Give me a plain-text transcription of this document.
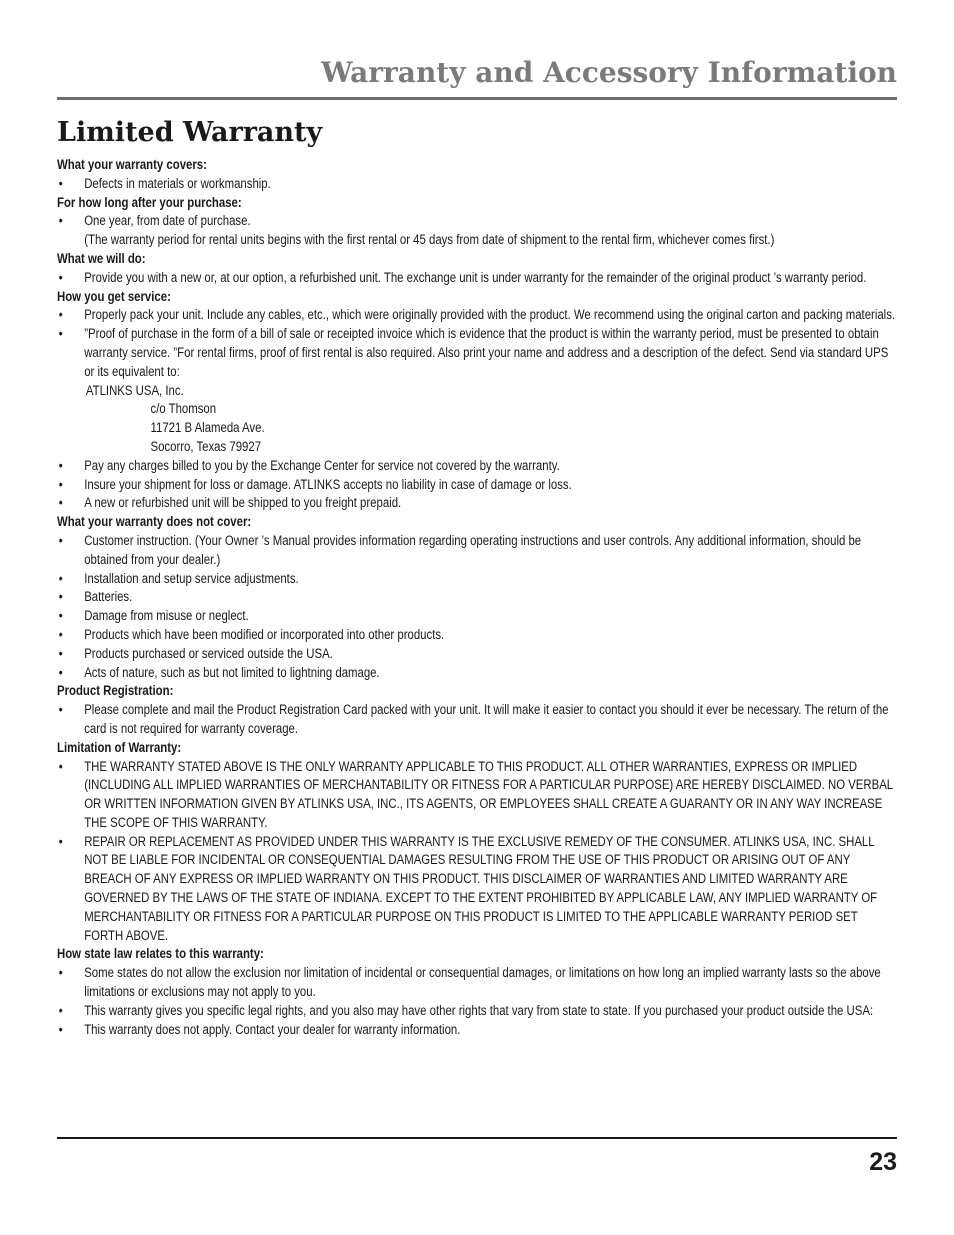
Warranty and Accessory Information
Limited Warranty
What your warranty covers:
• Defects in materials or workmanship.
For how long after your purchase:
• One year, from date of purchase.
(The warranty period for rental units begins with the first rental or 45 days from date of shipment to the rental firm, whichever comes first.)
What we will do:
• Provide you with a new or, at our option, a refurbished unit. The exchange unit is under warranty for the remainder of the original product ’s warranty period.
How you get service:
• Properly pack your unit. Include any cables, etc., which were originally provided with the product. We recommend using the original carton and packing materials.
• ”Proof of purchase in the form of a bill of sale or receipted invoice which is evidence that the product is within the warranty period, must be presented to obtain warranty service. ”For rental firms, proof of first rental is also required. Also print your name and address and a description of the defect. Send via standard UPS or its equivalent to:
ATLINKS USA, Inc.
c/o Thomson
11721 B Alameda Ave.
Socorro, Texas 79927
• Pay any charges billed to you by the Exchange Center for service not covered by the warranty.
• Insure your shipment for loss or damage. ATLINKS accepts no liability in case of damage or loss.
• A new or refurbished unit will be shipped to you freight prepaid.
What your warranty does not cover:
• Customer instruction. (Your Owner ’s Manual provides information regarding operating instructions and user controls. Any additional information, should be obtained from your dealer.)
• Installation and setup service adjustments.
• Batteries.
• Damage from misuse or neglect.
• Products which have been modified or incorporated into other products.
• Products purchased or serviced outside the USA.
• Acts of nature, such as but not limited to lightning damage.
Product Registration:
• Please complete and mail the Product Registration Card packed with your unit. It will make it easier to contact you should it ever be necessary. The return of the card is not required for warranty coverage.
Limitation of Warranty:
• THE WARRANTY STATED ABOVE IS THE ONLY WARRANTY APPLICABLE TO THIS PRODUCT. ALL OTHER WARRANTIES, EXPRESS OR IMPLIED (INCLUDING ALL IMPLIED WARRANTIES OF MERCHANTABILITY OR FITNESS FOR A PARTICULAR PURPOSE) ARE HEREBY DISCLAIMED. NO VERBAL OR WRITTEN INFORMATION GIVEN BY ATLINKS USA, INC., ITS AGENTS, OR EMPLOYEES SHALL CREATE A GUARANTY OR IN ANY WAY INCREASE THE SCOPE OF THIS WARRANTY.
• REPAIR OR REPLACEMENT AS PROVIDED UNDER THIS WARRANTY IS THE EXCLUSIVE REMEDY OF THE CONSUMER. ATLINKS USA, INC. SHALL NOT BE LIABLE FOR INCIDENTAL OR CONSEQUENTIAL DAMAGES RESULTING FROM THE USE OF THIS PRODUCT OR ARISING OUT OF ANY BREACH OF ANY EXPRESS OR IMPLIED WARRANTY ON THIS PRODUCT. THIS DISCLAIMER OF WARRANTIES AND LIMITED WARRANTY ARE GOVERNED BY THE LAWS OF THE STATE OF INDIANA. EXCEPT TO THE EXTENT PROHIBITED BY APPLICABLE LAW, ANY IMPLIED WARRANTY OF MERCHANTABILITY OR FITNESS FOR A PARTICULAR PURPOSE ON THIS PRODUCT IS LIMITED TO THE APPLICABLE WARRANTY PERIOD SET FORTH ABOVE.
How state law relates to this warranty:
• Some states do not allow the exclusion nor limitation of incidental or consequential damages, or limitations on how long an implied warranty lasts so the above limitations or exclusions may not apply to you.
• This warranty gives you specific legal rights, and you also may have other rights that vary from state to state. If you purchased your product outside the USA:
• This warranty does not apply. Contact your dealer for warranty information.
23
